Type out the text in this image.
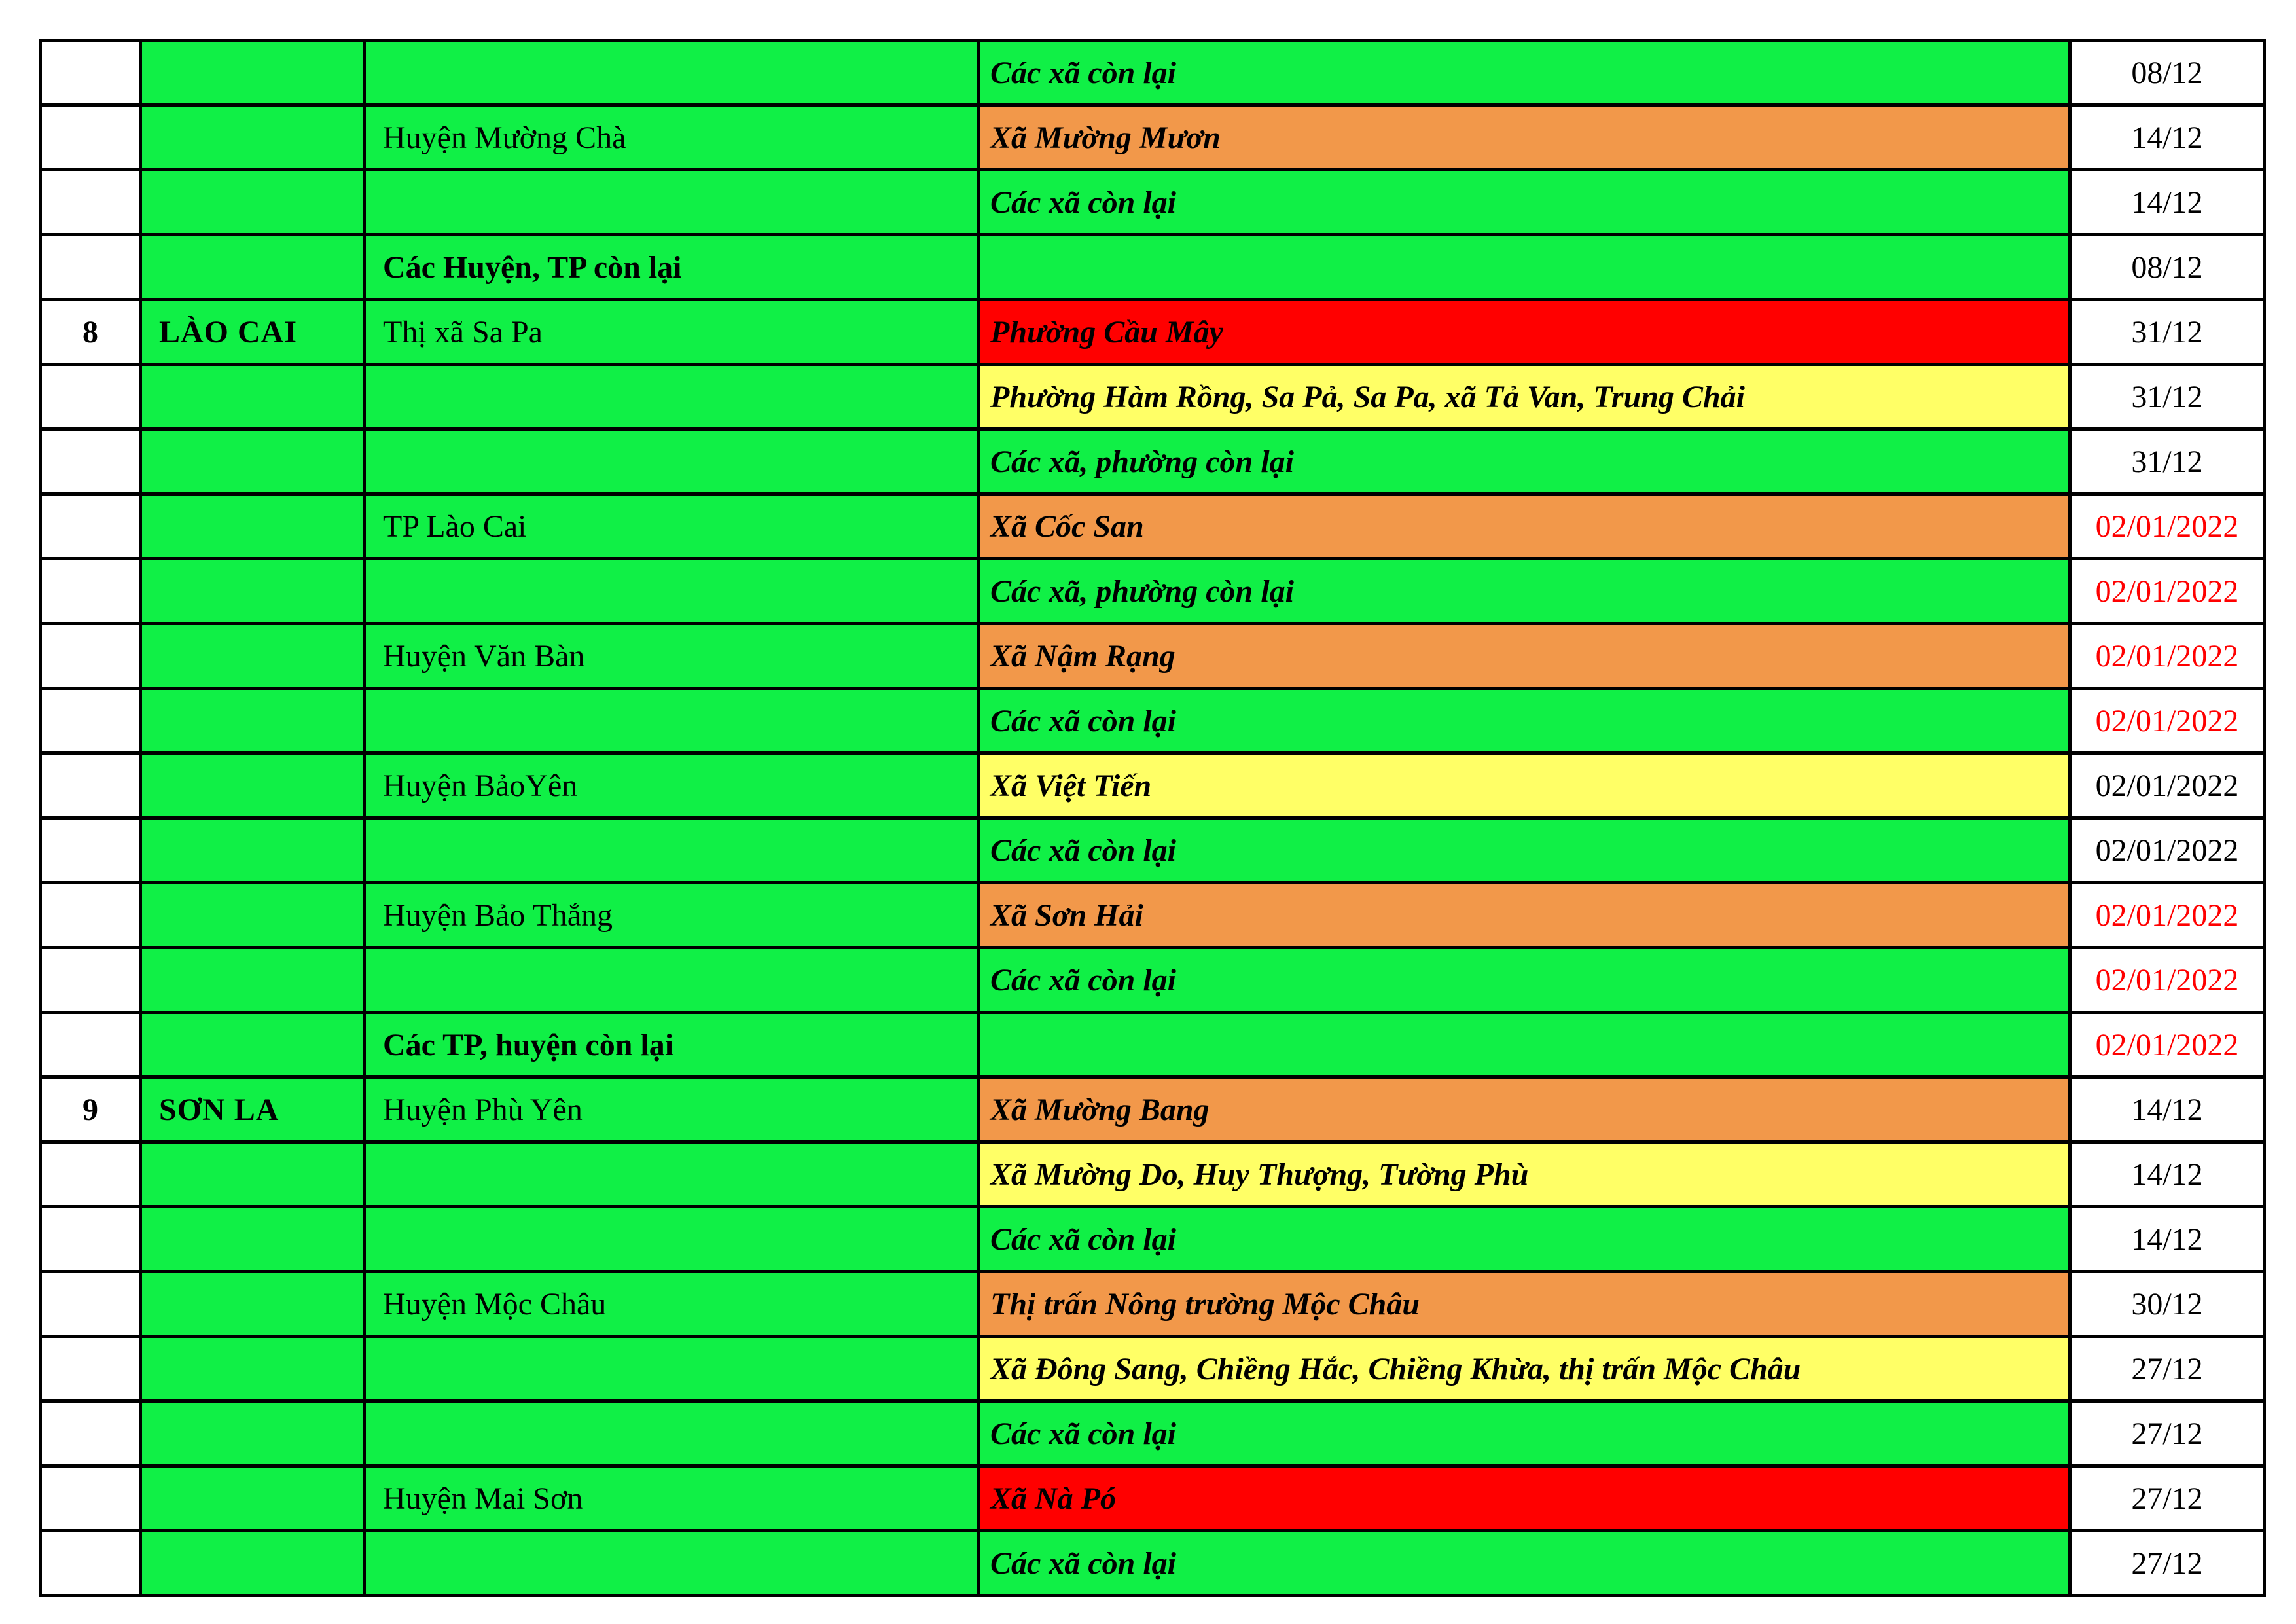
			Các xã còn lại	08/12
		Huyện Mường Chà	Xã Mường Mươn	14/12
			Các xã còn lại	14/12
		Các Huyện, TP còn lại		08/12
8	LÀO CAI	Thị xã Sa Pa	Phường Cầu Mây	31/12
			Phường Hàm Rồng, Sa Pả, Sa Pa, xã Tả Van, Trung Chải	31/12
			Các xã, phường còn lại	31/12
		TP Lào Cai	Xã Cốc San	02/01/2022
			Các xã, phường còn lại	02/01/2022
		Huyện Văn Bàn	Xã Nậm Rạng	02/01/2022
			Các xã còn lại	02/01/2022
		Huyện BảoYên	Xã Việt Tiến	02/01/2022
			Các xã còn lại	02/01/2022
		Huyện Bảo Thắng	Xã Sơn Hải	02/01/2022
			Các xã còn lại	02/01/2022
		Các TP, huyện còn lại		02/01/2022
9	SƠN LA	Huyện Phù Yên	Xã Mường Bang	14/12
			Xã Mường Do, Huy Thượng, Tường Phù	14/12
			Các xã còn lại	14/12
		Huyện Mộc Châu	Thị trấn Nông trường Mộc Châu	30/12
			Xã Đông Sang, Chiềng Hắc, Chiềng Khừa, thị trấn Mộc Châu	27/12
			Các xã còn lại	27/12
		Huyện Mai Sơn	Xã Nà Pó	27/12
			Các xã còn lại	27/12
